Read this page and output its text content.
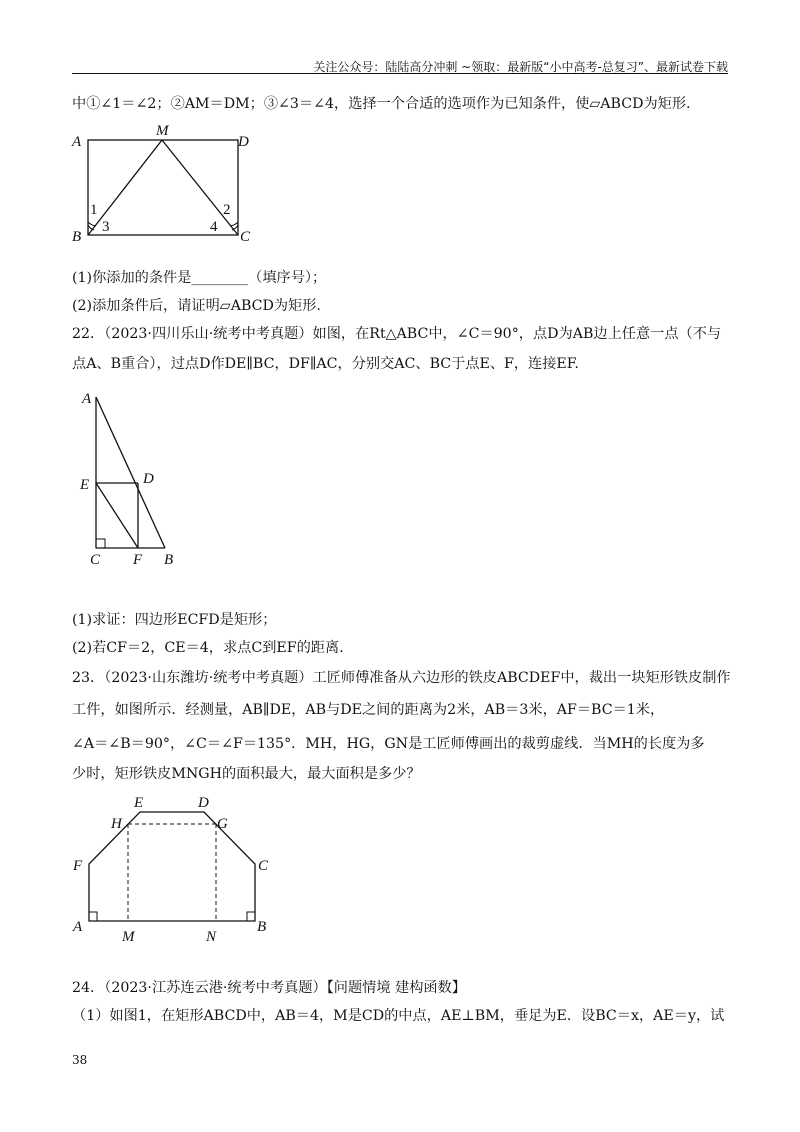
关注公众号：陆陆高分冲刺 ~领取：最新版“小中高考-总复习”、最新试卷下载
中①∠1＝∠2；②AM＝DM；③∠3＝∠4，选择一个合适的选项作为已知条件，使▱ABCD为矩形.
A
M
D
B	C
1	2
3	4
(1)你添加的条件是________（填序号）；
(2)添加条件后，请证明▱ABCD为矩形.
22．（2023·四川乐山·统考中考真题）如图，在Rt△ABC中，∠C＝90°，点D为AB边上任意一点（不与
点A、B重合），过点D作DE∥BC，DF∥AC，分别交AC、BC于点E、F，连接EF.
A
E	D
C F B
(1)求证：四边形ECFD是矩形；
(2)若CF＝2，CE＝4，求点C到EF的距离.
23．（2023·山东潍坊·统考中考真题）工匠师傅准备从六边形的铁皮ABCDEF中，裁出一块矩形铁皮制作
工件，如图所示．经测量，AB∥DE，AB与DE之间的距离为2米，AB＝3米，AF＝BC＝1米，
∠A＝∠B＝90°，∠C＝∠F＝135°．MH，HG，GN是工匠师傅画出的裁剪虚线．当MH的长度为多
少时，矩形铁皮MNGH的面积最大，最大面积是多少？
E	D
H	G
F	C
A
M	N
B
24．（2023·江苏连云港·统考中考真题）【问题情境 建构函数】
（1）如图1，在矩形ABCD中，AB＝4，M是CD的中点，AE⊥BM，垂足为E．设BC＝x，AE＝y，试
38
